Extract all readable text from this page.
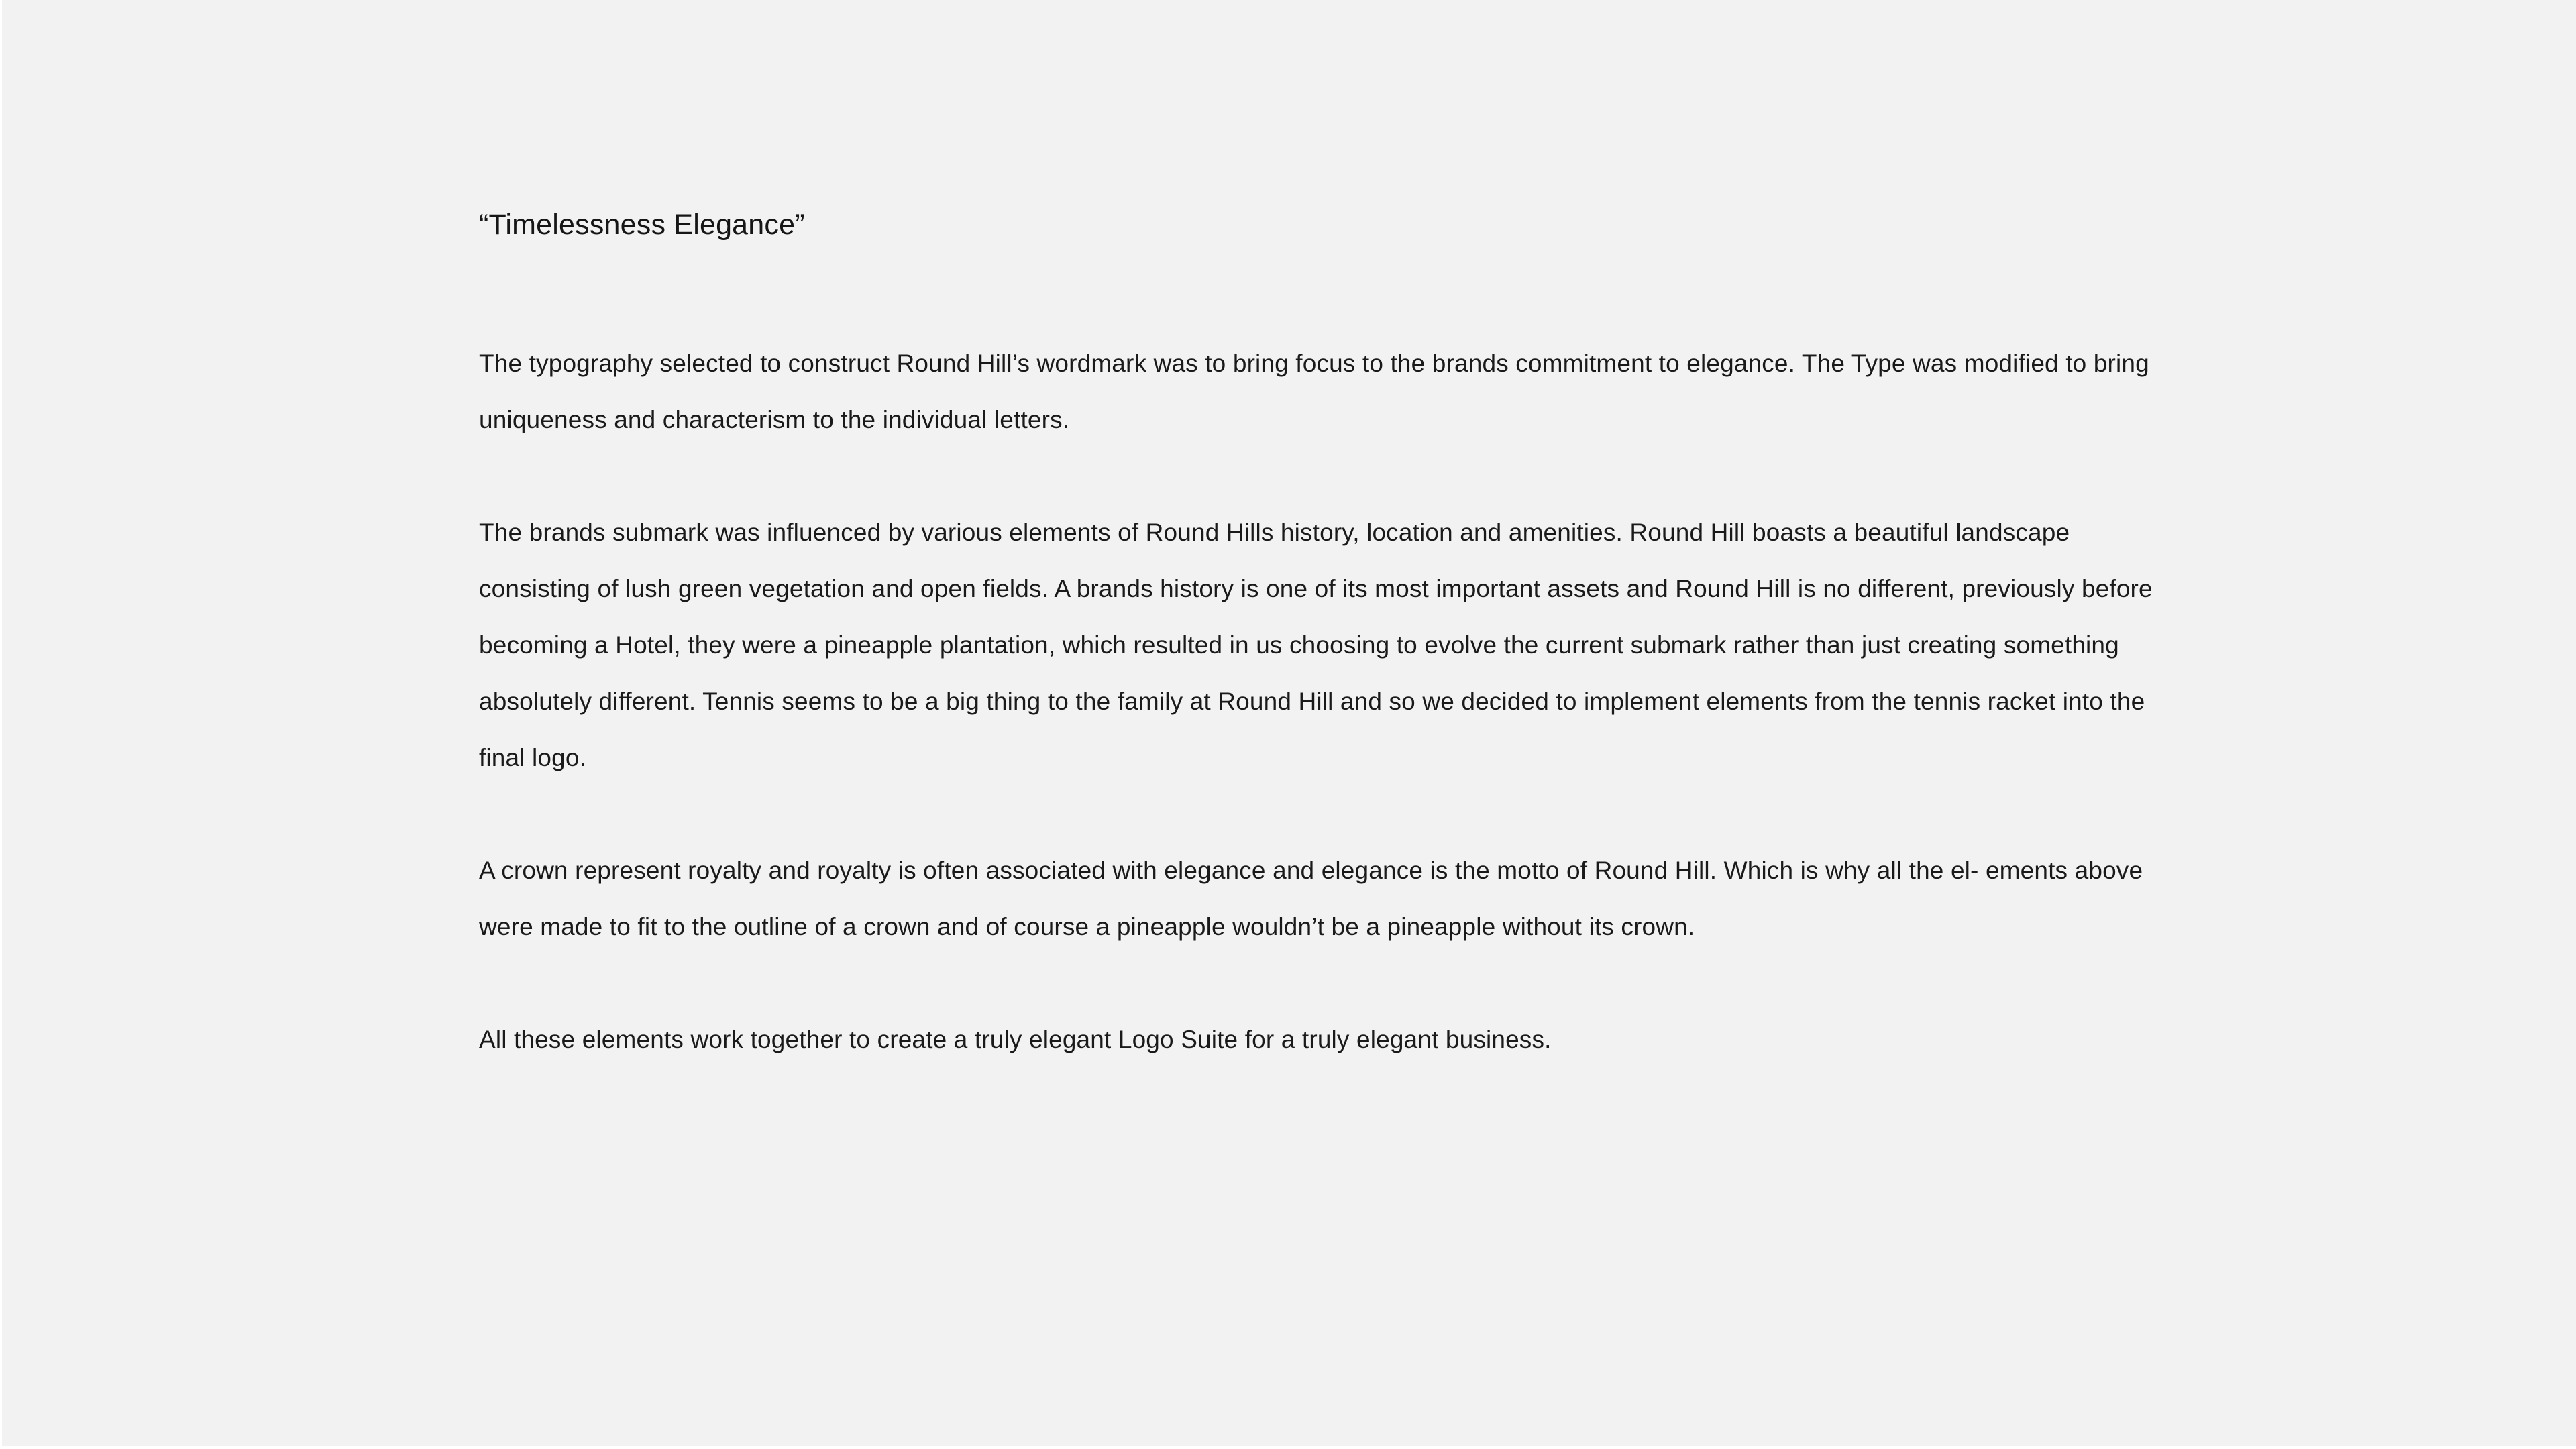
“Timelessness Elegance”

The typography selected to construct Round Hill’s wordmark was to bring focus to the brands commitment to elegance. The Type was modified to bring uniqueness and characterism to the individual letters.

The brands submark was influenced by various elements of Round Hills history, location and amenities. Round Hill boasts a beautiful landscape consisting of lush green vegetation and open fields. A brands history is one of its most important assets and Round Hill is no different, previously before becoming a Hotel, they were a pineapple plantation, which resulted in us choosing to evolve the current submark rather than just creating something absolutely different. Tennis seems to be a big thing to the family at Round Hill and so we decided to implement elements from the tennis racket into the final logo.

A crown represent royalty and royalty is often associated with elegance and elegance is the motto of Round Hill. Which is why all the el- ements above were made to fit to the outline of a crown and of course a pineapple wouldn’t be a pineapple without its crown.

All these elements work together to create a truly elegant Logo Suite for a truly elegant business.
